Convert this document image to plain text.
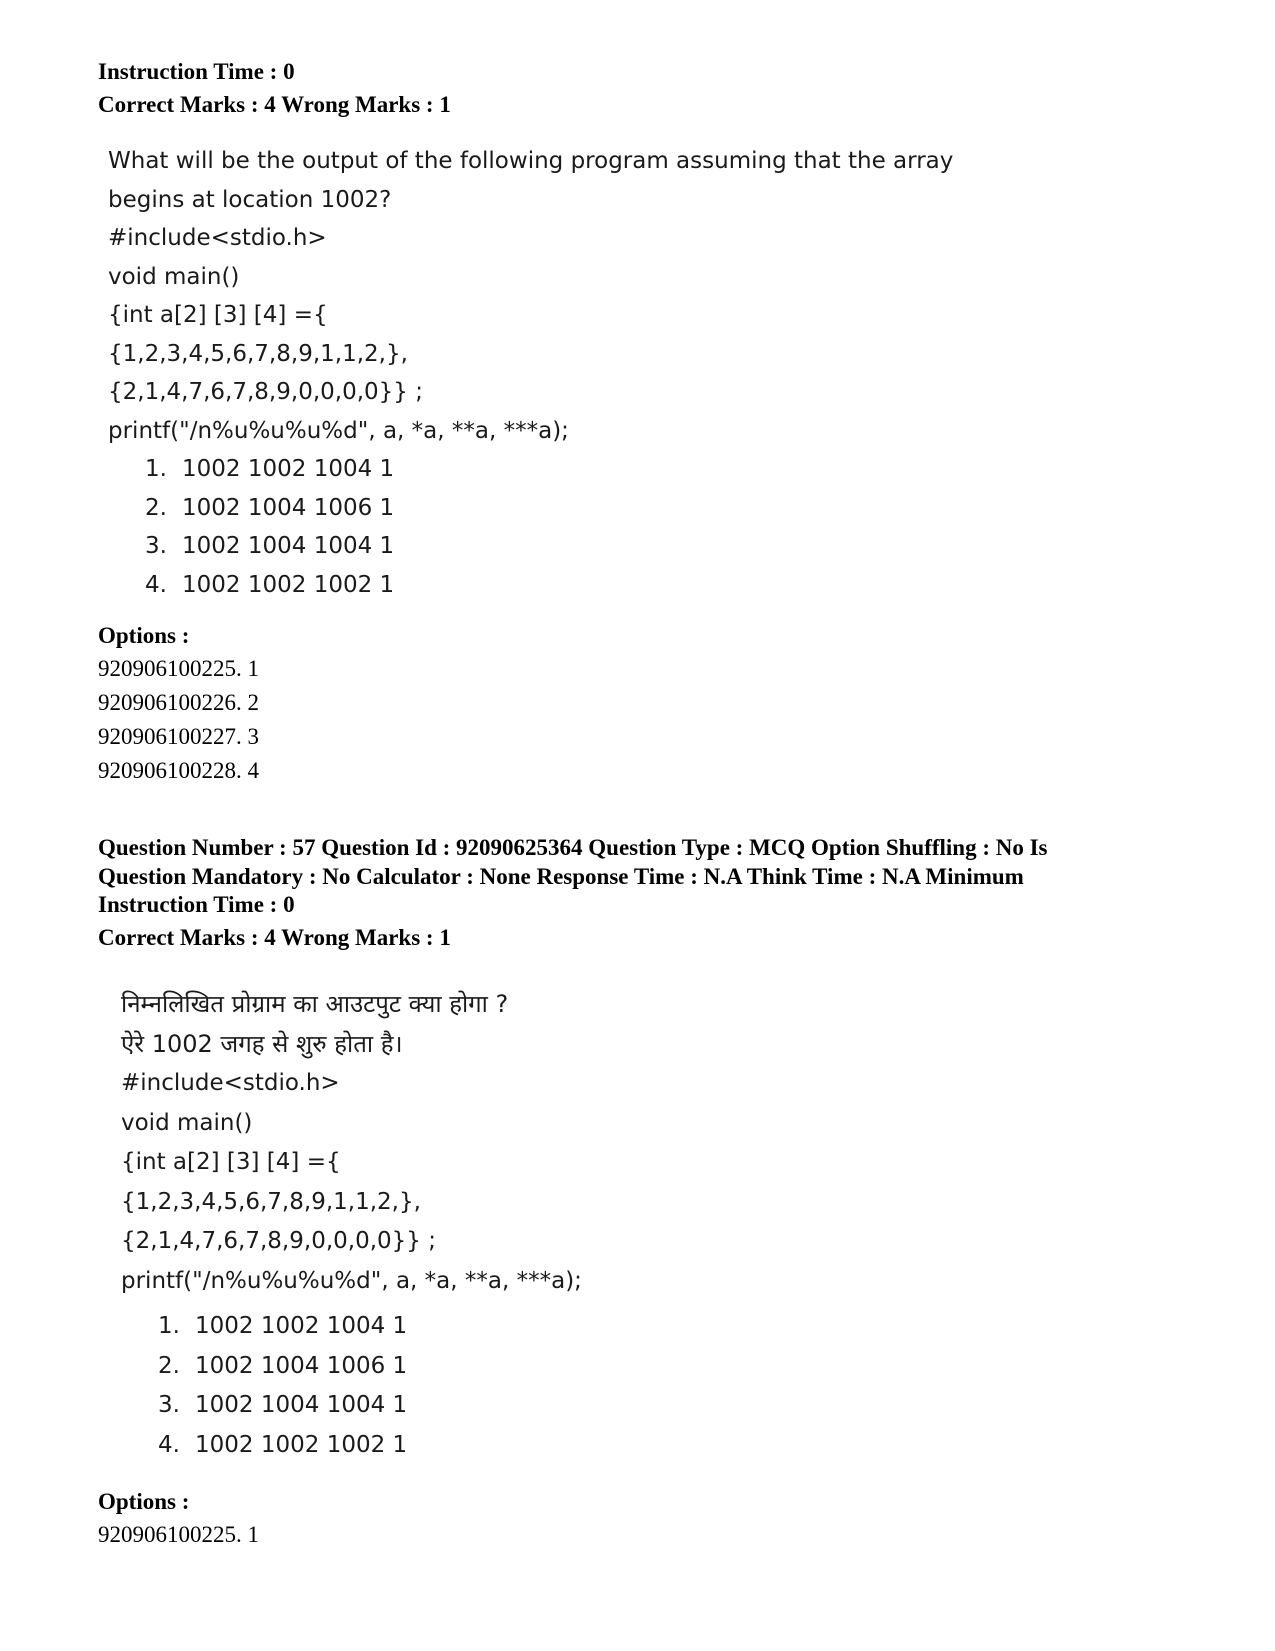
Instruction Time : 0
Correct Marks : 4 Wrong Marks : 1
What will be the output of the following program assuming that the array
begins at location 1002?
#include<stdio.h>
void main()
{int a[2] [3] [4] ={
{1,2,3,4,5,6,7,8,9,1,1,2,},
{2,1,4,7,6,7,8,9,0,0,0,0}} ;
printf("/n%u%u%u%d", a, *a, **a, ***a);
1. 1002 1002 1004 1
2. 1002 1004 1006 1
3. 1002 1004 1004 1
4. 1002 1002 1002 1
Options :
920906100225. 1
920906100226. 2
920906100227. 3
920906100228. 4
Question Number : 57 Question Id : 92090625364 Question Type : MCQ Option Shuffling : No Is
Question Mandatory : No Calculator : None Response Time : N.A Think Time : N.A Minimum
Instruction Time : 0
Correct Marks : 4 Wrong Marks : 1
निम्नलिखित प्रोग्राम का आउटपुट क्या होगा ?
ऐरे 1002 जगह से शुरु होता है।
#include<stdio.h>
void main()
{int a[2] [3] [4] ={
{1,2,3,4,5,6,7,8,9,1,1,2,},
{2,1,4,7,6,7,8,9,0,0,0,0}} ;
printf("/n%u%u%u%d", a, *a, **a, ***a);
1. 1002 1002 1004 1
2. 1002 1004 1006 1
3. 1002 1004 1004 1
4. 1002 1002 1002 1
Options :
920906100225. 1
